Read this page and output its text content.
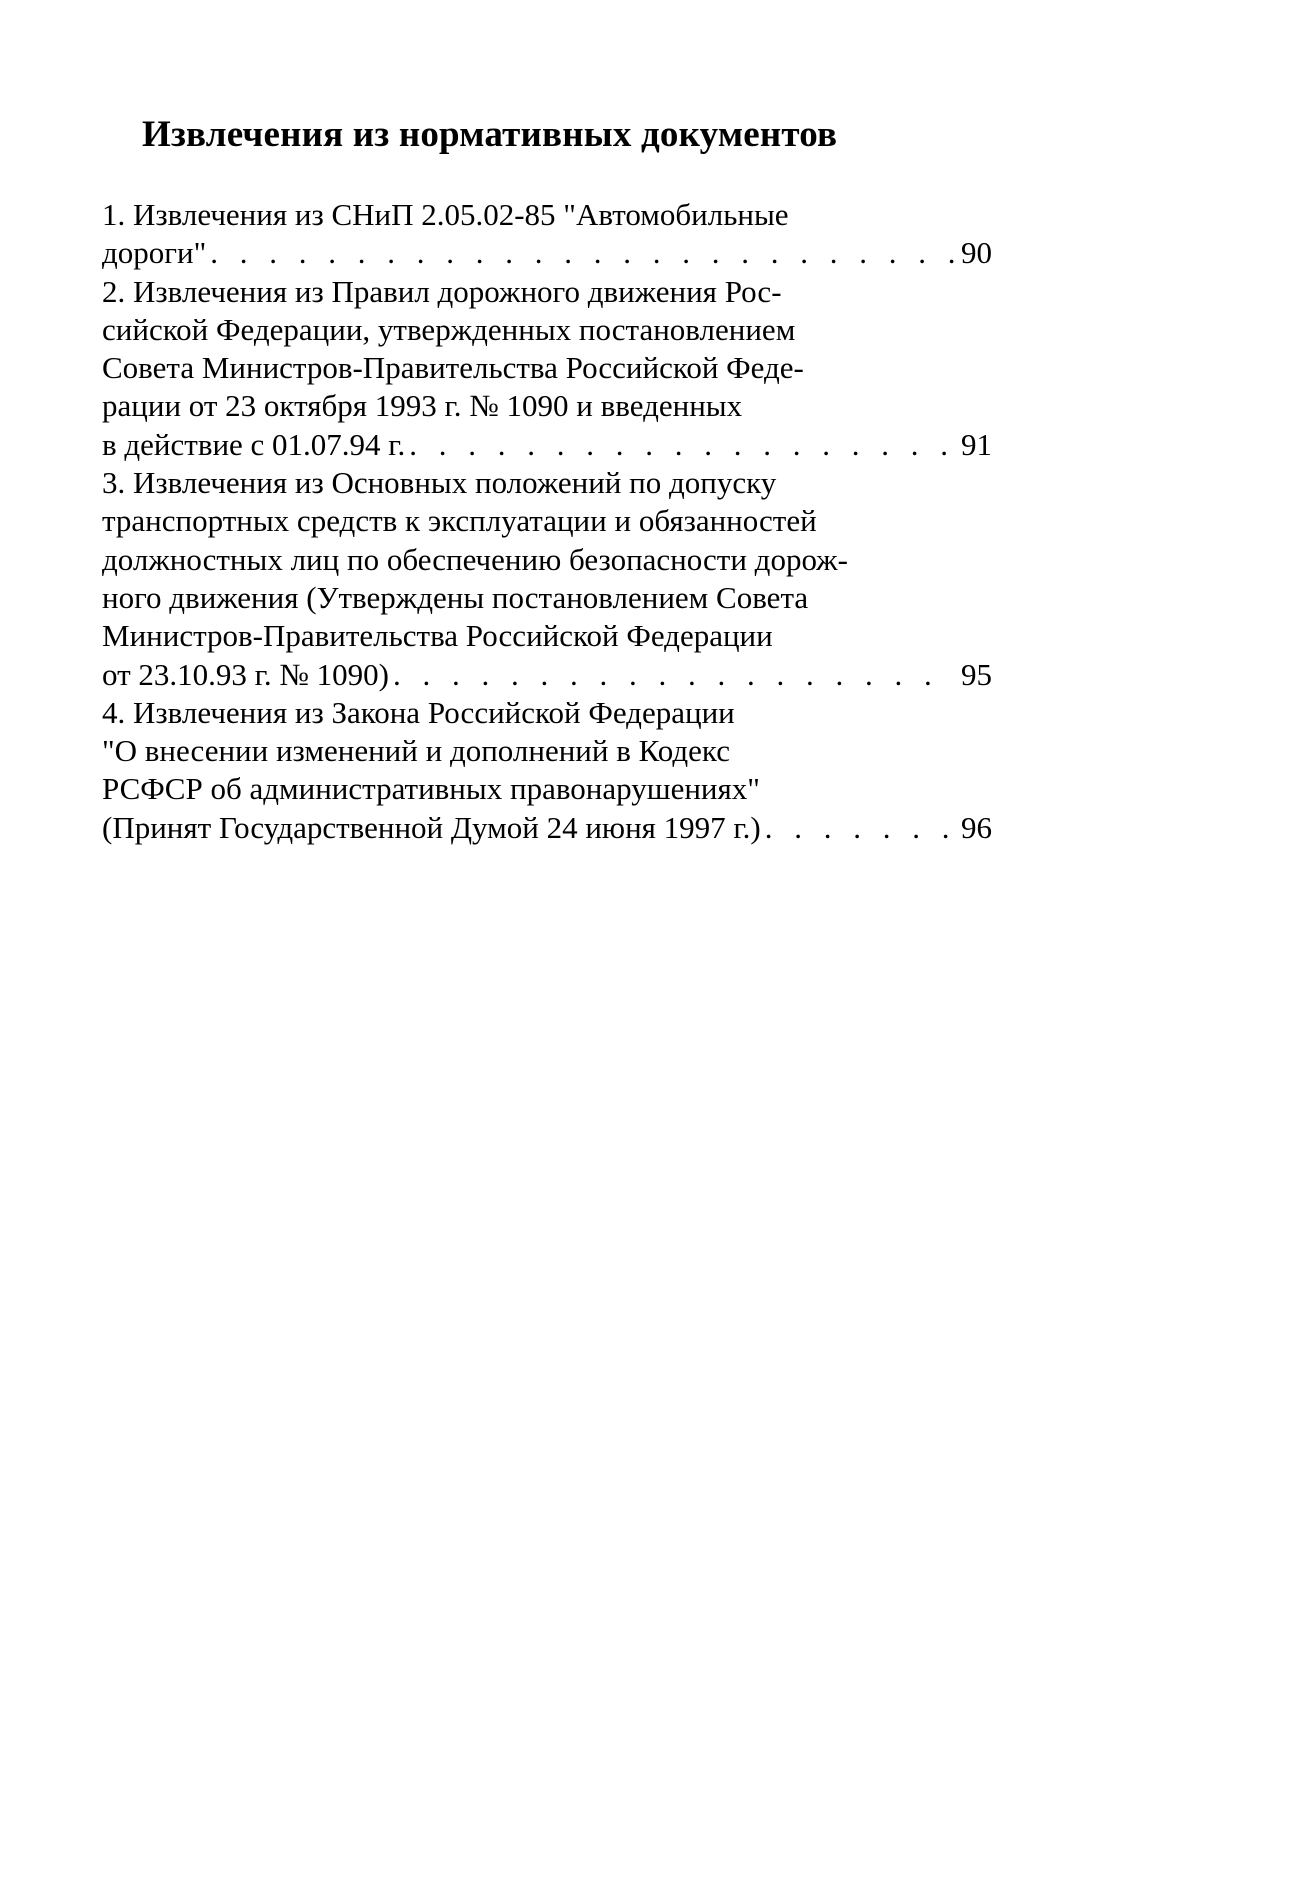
Извлечения из нормативных документов
1. Извлечения из СНиП 2.05.02-85 "Автомобильные
дороги" . . .	90
2. Извлечения из Правил дорожного движения Рос-
сийской Федерации, утвержденных постановлением
Совета Министров-Правительства Российской Феде-
рации от 23 октября 1993 г. № 1090 и введенных
в действие с 01.07.94 г. . . .	91
3. Извлечения из Основных положений по допуску
транспортных средств к эксплуатации и обязанностей
должностных лиц по обеспечению безопасности дорож-
ного движения (Утверждены постановлением Совета
Министров-Правительства Российской Федерации
от 23.10.93 г. № 1090) . . .	95
4. Извлечения из Закона Российской Федерации
"О внесении изменений и дополнений в Кодекс
РСФСР об административных правонарушениях"
(Принят Государственной Думой 24 июня 1997 г.) . . .	96
